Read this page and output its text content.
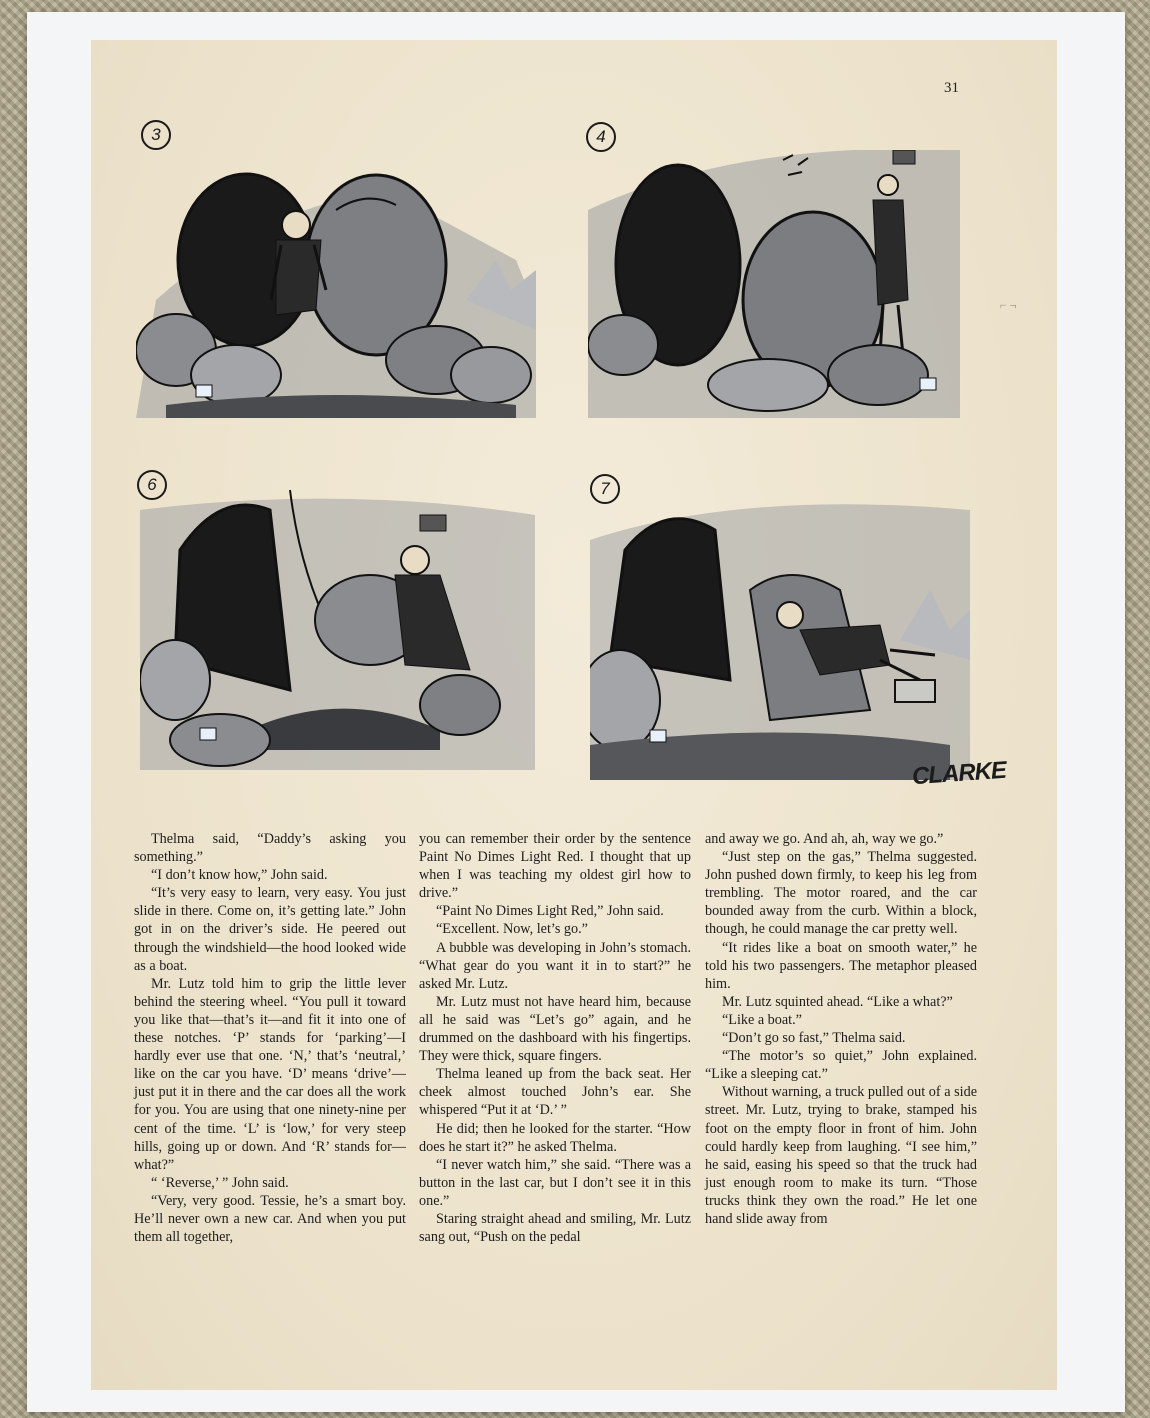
31
3	4
6	7
CLARKE
⌐ ¬

Thelma said, “Daddy’s asking you something.”

“I don’t know how,” John said.

“It’s very easy to learn, very easy. You just slide in there. Come on, it’s getting late.” John got in on the driver’s side. He peered out through the windshield—the hood looked wide as a boat.

Mr. Lutz told him to grip the little lever behind the steering wheel. “You pull it toward you like that—that’s it—and fit it into one of these notches. ‘P’ stands for ‘parking’—I hardly ever use that one. ‘N,’ that’s ‘neutral,’ like on the car you have. ‘D’ means ‘drive’—just put it in there and the car does all the work for you. You are using that one ninety-nine per cent of the time. ‘L’ is ‘low,’ for very steep hills, going up or down. And ‘R’ stands for—what?”

“ ‘Reverse,’ ” John said.

“Very, very good. Tessie, he’s a smart boy. He’ll never own a new car. And when you put them all together,

you can remember their order by the sentence Paint No Dimes Light Red. I thought that up when I was teaching my oldest girl how to drive.”

“Paint No Dimes Light Red,” John said.

“Excellent. Now, let’s go.”

A bubble was developing in John’s stomach. “What gear do you want it in to start?” he asked Mr. Lutz.

Mr. Lutz must not have heard him, because all he said was “Let’s go” again, and he drummed on the dashboard with his fingertips. They were thick, square fingers.

Thelma leaned up from the back seat. Her cheek almost touched John’s ear. She whispered “Put it at ‘D.’ ”

He did; then he looked for the starter. “How does he start it?” he asked Thelma.

“I never watch him,” she said. “There was a button in the last car, but I don’t see it in this one.”

Staring straight ahead and smiling, Mr. Lutz sang out, “Push on the pedal

and away we go. And ah, ah, way we go.”

“Just step on the gas,” Thelma suggested. John pushed down firmly, to keep his leg from trembling. The motor roared, and the car bounded away from the curb. Within a block, though, he could manage the car pretty well.

“It rides like a boat on smooth water,” he told his two passengers. The metaphor pleased him.

Mr. Lutz squinted ahead. “Like a what?”

“Like a boat.”

“Don’t go so fast,” Thelma said.

“The motor’s so quiet,” John explained. “Like a sleeping cat.”

Without warning, a truck pulled out of a side street. Mr. Lutz, trying to brake, stamped his foot on the empty floor in front of him. John could hardly keep from laughing. “I see him,” he said, easing his speed so that the truck had just enough room to make its turn. “Those trucks think they own the road.” He let one hand slide away from
